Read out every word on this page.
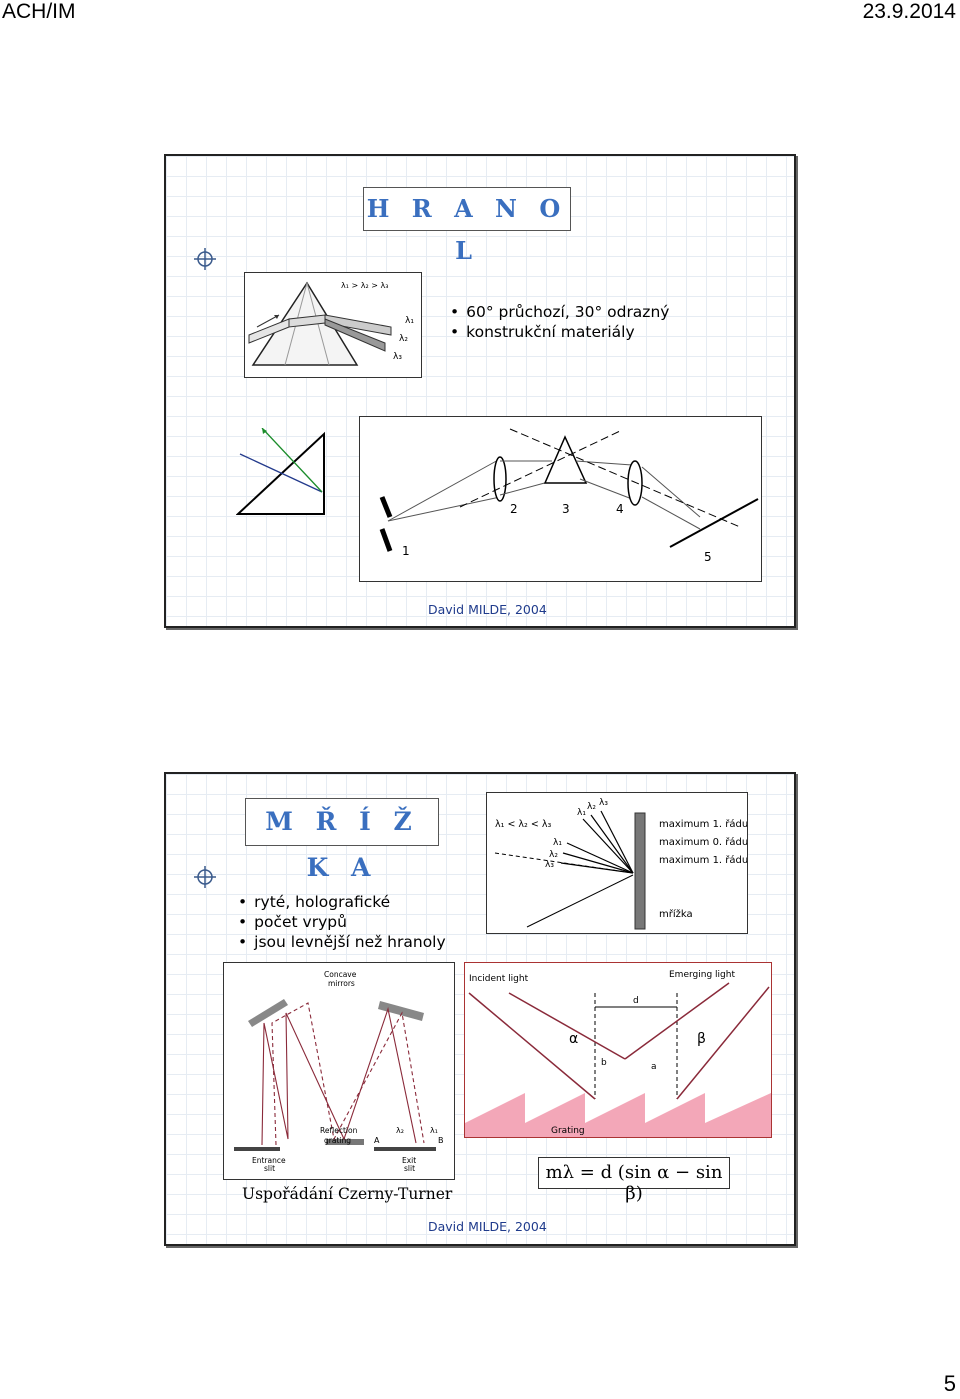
ACH/IM	23.9.2014
H R A N O L
λ₁ > λ₂ > λ₃
λ₁
λ₂
λ₃
• 60° průchozí, 30° odrazný
• konstrukční materiály
1
2	3	4
5
David MILDE, 2004
M Ř Í Ž K A
• ryté, holografické
• počet vrypů
• jsou levnější než hranoly
λ₁ < λ₂ < λ₃
λ₁
λ₂ λ₃
λ₁
λ₂
λ₃
maximum 1. řádu
maximum 0. řádu
maximum 1. řádu
mřížka
Concave
mirrors
Reflection
grating
Entrance
slit
Exit
slit
A	B
λ₂	λ₁
Uspořádání Czerny-Turner
Incident light	Emerging light
d
α	β
b	a
Grating
mλ = d (sin α − sin β)
David MILDE, 2004
5
